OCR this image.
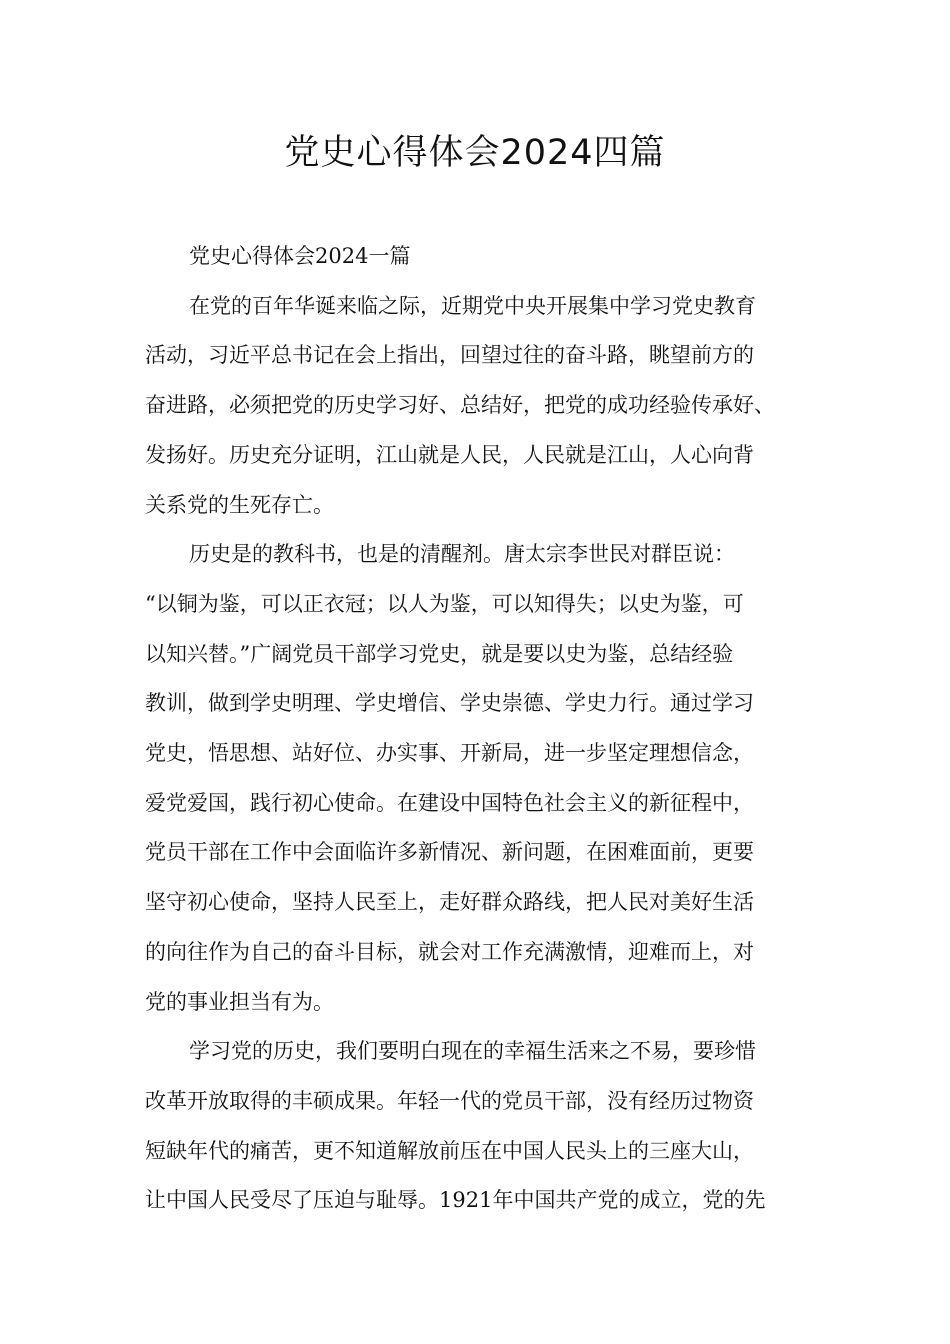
党史心得体会2024四篇
党史心得体会2024一篇
在党的百年华诞来临之际，近期党中央开展集中学习党史教育
活动，习近平总书记在会上指出，回望过往的奋斗路，眺望前方的
奋进路，必须把党的历史学习好、总结好，把党的成功经验传承好、
发扬好。历史充分证明，江山就是人民，人民就是江山，人心向背
关系党的生死存亡。
历史是的教科书，也是的清醒剂。唐太宗李世民对群臣说：
“以铜为鉴，可以正衣冠；以人为鉴，可以知得失；以史为鉴，可
以知兴替。”广阔党员干部学习党史，就是要以史为鉴，总结经验
教训，做到学史明理、学史增信、学史崇德、学史力行。通过学习
党史，悟思想、站好位、办实事、开新局，进一步坚定理想信念，
爱党爱国，践行初心使命。在建设中国特色社会主义的新征程中，
党员干部在工作中会面临许多新情况、新问题，在困难面前，更要
坚守初心使命，坚持人民至上，走好群众路线，把人民对美好生活
的向往作为自己的奋斗目标，就会对工作充满激情，迎难而上，对
党的事业担当有为。
学习党的历史，我们要明白现在的幸福生活来之不易，要珍惜
改革开放取得的丰硕成果。年轻一代的党员干部，没有经历过物资
短缺年代的痛苦，更不知道解放前压在中国人民头上的三座大山，
让中国人民受尽了压迫与耻辱。1921年中国共产党的成立，党的先
